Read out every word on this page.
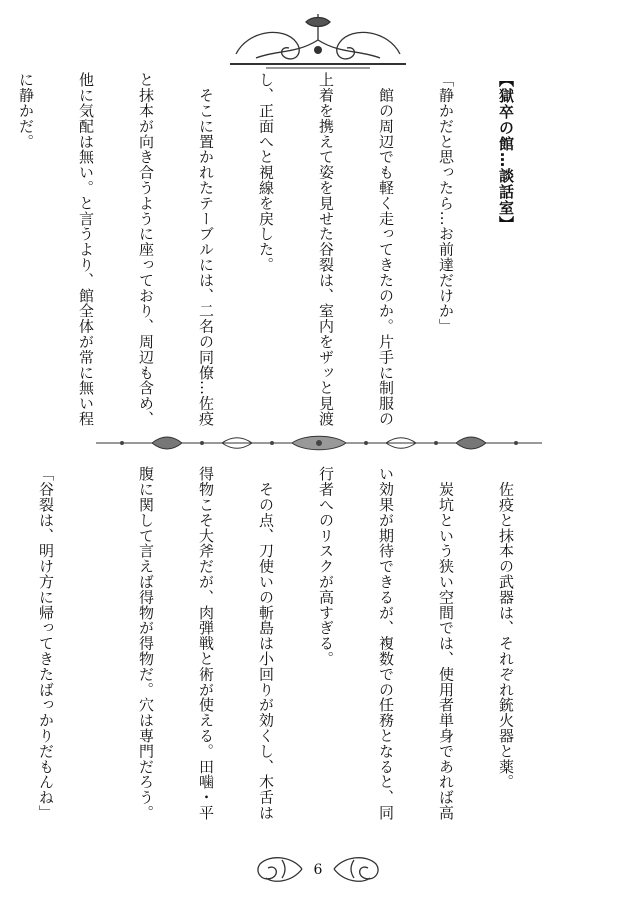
【獄卒の館…談話室】

「静かだと思ったら…お前達だけか」

　館の周辺でも軽く走ってきたのか。片手に制服の

上着を携えて姿を見せた谷裂は、室内をザッと見渡

し、正面へと視線を戻した。

　そこに置かれたテーブルには、二名の同僚…佐疫

と抹本が向き合うように座っており、周辺も含め、

他に気配は無い。と言うより、館全体が常に無い程

に静かだ。

　佐疫と抹本の武器は、それぞれ銃火器と薬。

　炭坑という狭い空間では、使用者単身であれば高

い効果が期待できるが、複数での任務となると、同

行者へのリスクが高すぎる。

　その点、刀使いの斬島は小回りが効くし、木舌は

得物こそ大斧だが、肉弾戦と術が使える。田噛・平

腹に関して言えば得物が得物だ。穴は専門だろう。

「谷裂は、明け方に帰ってきたばっかりだもんね」

6
